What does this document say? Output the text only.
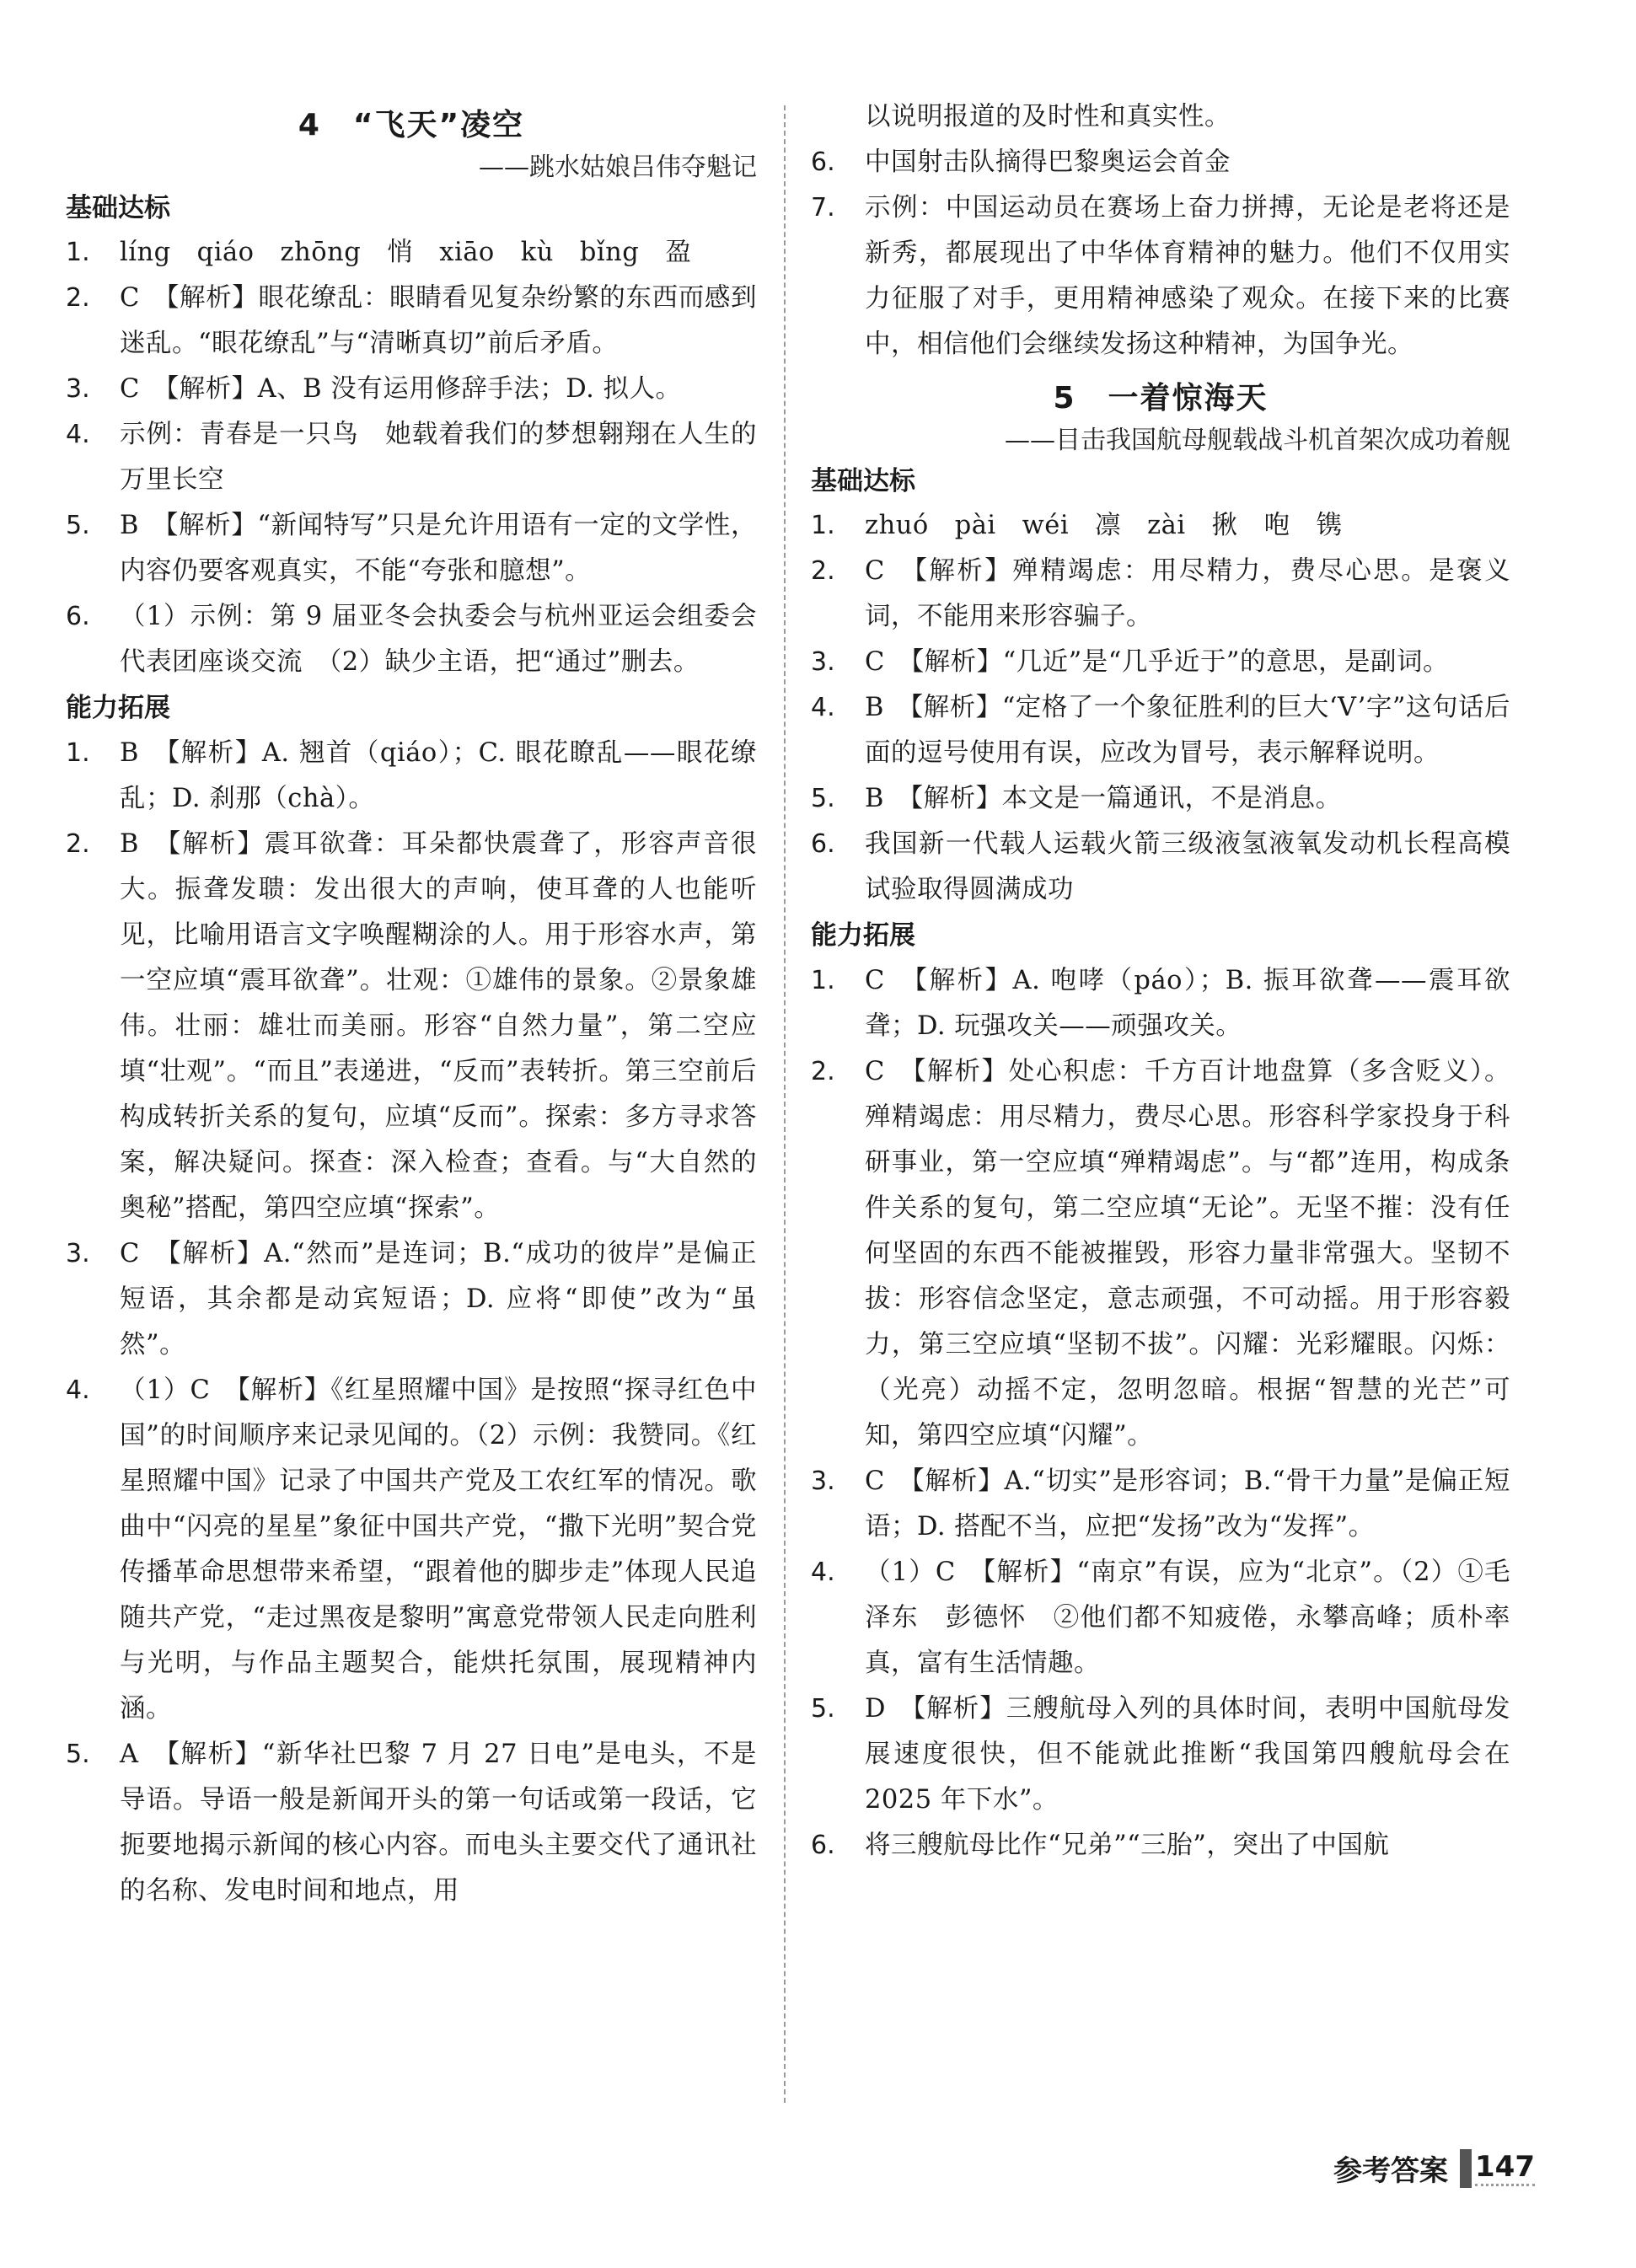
4　“飞天”凌空
——跳水姑娘吕伟夺魁记
基础达标
1.	líng　qiáo　zhōng　悄　xiāo　kù　bǐng　盈
2.	C　【解析】眼花缭乱：眼睛看见复杂纷繁的东西而感到迷乱。“眼花缭乱”与“清晰真切”前后矛盾。
3.	C　【解析】A、B 没有运用修辞手法；D. 拟人。
4.	示例：青春是一只鸟　她载着我们的梦想翱翔在人生的万里长空
5.	B　【解析】“新闻特写”只是允许用语有一定的文学性，内容仍要客观真实，不能“夸张和臆想”。
6.	（1）示例：第 9 届亚冬会执委会与杭州亚运会组委会代表团座谈交流　（2）缺少主语，把“通过”删去。
能力拓展
1.	B　【解析】A. 翘首（qiáo）；C. 眼花瞭乱——眼花缭乱；D. 刹那（chà）。
2.	B　【解析】震耳欲聋：耳朵都快震聋了，形容声音很大。振聋发聩：发出很大的声响，使耳聋的人也能听见，比喻用语言文字唤醒糊涂的人。用于形容水声，第一空应填“震耳欲聋”。壮观：①雄伟的景象。②景象雄伟。壮丽：雄壮而美丽。形容“自然力量”，第二空应填“壮观”。“而且”表递进，“反而”表转折。第三空前后构成转折关系的复句，应填“反而”。探索：多方寻求答案，解决疑问。探查：深入检查；查看。与“大自然的奥秘”搭配，第四空应填“探索”。
3.	C　【解析】A.“然而”是连词；B.“成功的彼岸”是偏正短语，其余都是动宾短语；D. 应将“即使”改为“虽然”。
4.	（1）C　【解析】《红星照耀中国》是按照“探寻红色中国”的时间顺序来记录见闻的。（2）示例：我赞同。《红星照耀中国》记录了中国共产党及工农红军的情况。歌曲中“闪亮的星星”象征中国共产党，“撒下光明”契合党传播革命思想带来希望，“跟着他的脚步走”体现人民追随共产党，“走过黑夜是黎明”寓意党带领人民走向胜利与光明，与作品主题契合，能烘托氛围，展现精神内涵。
5.	A　【解析】“新华社巴黎 7 月 27 日电”是电头，不是导语。导语一般是新闻开头的第一句话或第一段话，它扼要地揭示新闻的核心内容。而电头主要交代了通讯社的名称、发电时间和地点，用
以说明报道的及时性和真实性。
6.	中国射击队摘得巴黎奥运会首金
7.	示例：中国运动员在赛场上奋力拼搏，无论是老将还是新秀，都展现出了中华体育精神的魅力。他们不仅用实力征服了对手，更用精神感染了观众。在接下来的比赛中，相信他们会继续发扬这种精神，为国争光。
5　一着惊海天
——目击我国航母舰载战斗机首架次成功着舰
基础达标
1.	zhuó　pài　wéi　凛　zài　揪　咆　镌
2.	C　【解析】殚精竭虑：用尽精力，费尽心思。是褒义词，不能用来形容骗子。
3.	C　【解析】“几近”是“几乎近于”的意思，是副词。
4.	B　【解析】“定格了一个象征胜利的巨大‘V’字”这句话后面的逗号使用有误，应改为冒号，表示解释说明。
5.	B　【解析】本文是一篇通讯，不是消息。
6.	我国新一代载人运载火箭三级液氢液氧发动机长程高模试验取得圆满成功
能力拓展
1.	C　【解析】A. 咆哮（páo）；B. 振耳欲聋——震耳欲聋；D. 玩强攻关——顽强攻关。
2.	C　【解析】处心积虑：千方百计地盘算（多含贬义）。殚精竭虑：用尽精力，费尽心思。形容科学家投身于科研事业，第一空应填“殚精竭虑”。与“都”连用，构成条件关系的复句，第二空应填“无论”。无坚不摧：没有任何坚固的东西不能被摧毁，形容力量非常强大。坚韧不拔：形容信念坚定，意志顽强，不可动摇。用于形容毅力，第三空应填“坚韧不拔”。闪耀：光彩耀眼。闪烁：（光亮）动摇不定，忽明忽暗。根据“智慧的光芒”可知，第四空应填“闪耀”。
3.	C　【解析】A.“切实”是形容词；B.“骨干力量”是偏正短语；D. 搭配不当，应把“发扬”改为“发挥”。
4.	（1）C　【解析】“南京”有误，应为“北京”。（2）①毛泽东　彭德怀　②他们都不知疲倦，永攀高峰；质朴率真，富有生活情趣。
5.	D　【解析】三艘航母入列的具体时间，表明中国航母发展速度很快，但不能就此推断“我国第四艘航母会在 2025 年下水”。
6.	将三艘航母比作“兄弟”“三胎”，突出了中国航
参考答案 147
